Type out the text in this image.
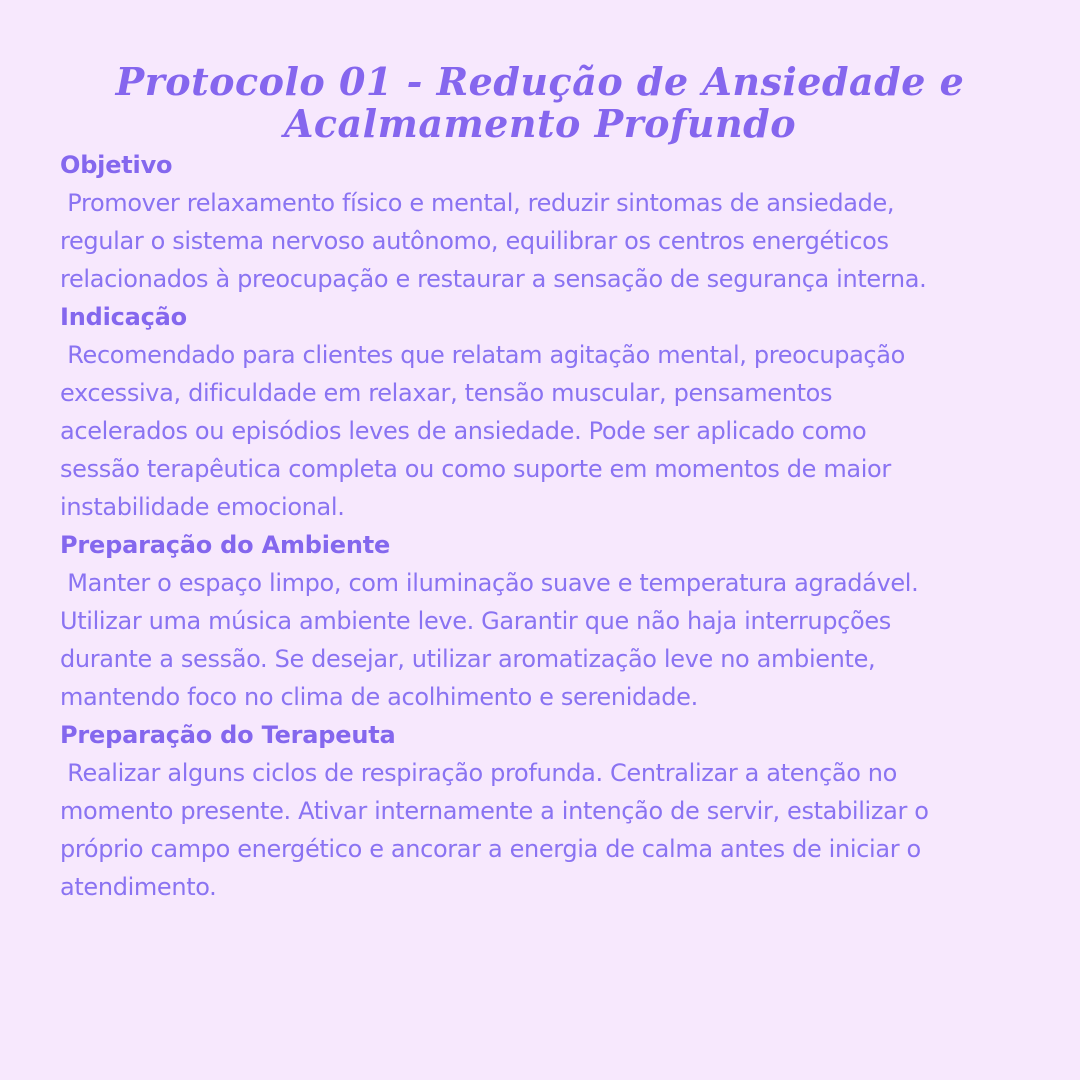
Protocolo 01 - Redução de Ansiedade e
Acalmamento Profundo
Objetivo
Promover relaxamento físico e mental, reduzir sintomas de ansiedade,
regular o sistema nervoso autônomo, equilibrar os centros energéticos
relacionados à preocupação e restaurar a sensação de segurança interna.
Indicação
Recomendado para clientes que relatam agitação mental, preocupação
excessiva, dificuldade em relaxar, tensão muscular, pensamentos
acelerados ou episódios leves de ansiedade. Pode ser aplicado como
sessão terapêutica completa ou como suporte em momentos de maior
instabilidade emocional.
Preparação do Ambiente
Manter o espaço limpo, com iluminação suave e temperatura agradável.
Utilizar uma música ambiente leve. Garantir que não haja interrupções
durante a sessão. Se desejar, utilizar aromatização leve no ambiente,
mantendo foco no clima de acolhimento e serenidade.
Preparação do Terapeuta
Realizar alguns ciclos de respiração profunda. Centralizar a atenção no
momento presente. Ativar internamente a intenção de servir, estabilizar o
próprio campo energético e ancorar a energia de calma antes de iniciar o
atendimento.
